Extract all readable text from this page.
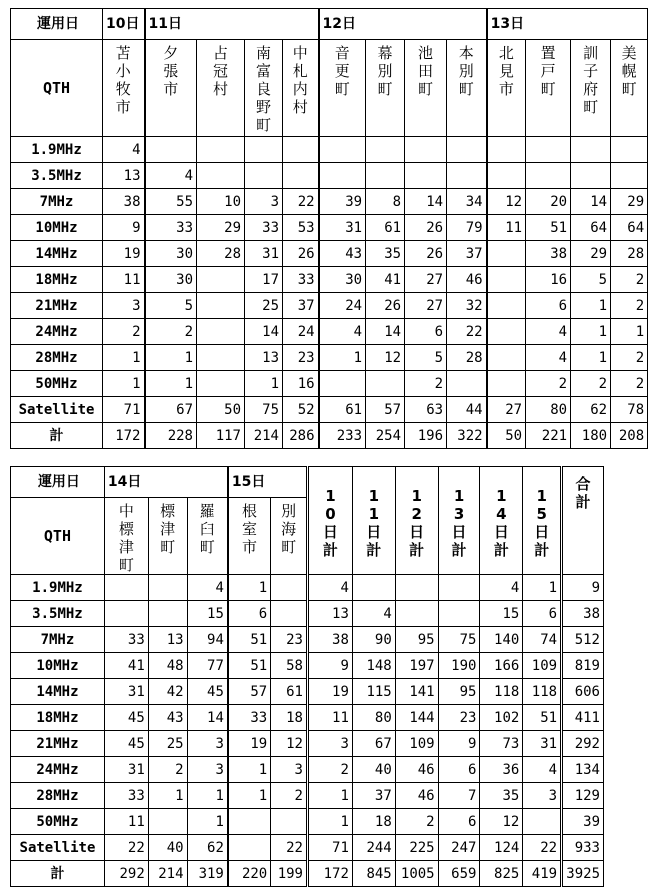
運用日	10日	11日				12日				13日			
QTH	苫小牧市	夕張市	占冠村	南富良野町	中札内村	音更町	幕別町	池田町	本別町	北見市	置戸町	訓子府町	美幌町
1.9MHz	4												
3.5MHz	13	4											
7MHz	38	55	10	3	22	39	8	14	34	12	20	14	29
10MHz	9	33	29	33	53	31	61	26	79	11	51	64	64
14MHz	19	30	28	31	26	43	35	26	37		38	29	28
18MHz	11	30		17	33	30	41	27	46		16	5	2
21MHz	3	5		25	37	24	26	27	32		6	1	2
24MHz	2	2		14	24	4	14	6	22		4	1	1
28MHz	1	1		13	23	1	12	5	28		4	1	2
50MHz	1	1		1	16			2			2	2	2
Satellite	71	67	50	75	52	61	57	63	44	27	80	62	78
計	172	228	117	214	286	233	254	196	322	50	221	180	208
運用日	14日			15日		10日計	11日計	12日計	13日計	14日計	15日計	合計
QTH	中標津町	標津町	羅臼町	根室市	別海町							
1.9MHz			4	1		4				4	1	9
3.5MHz			15	6		13	4			15	6	38
7MHz	33	13	94	51	23	38	90	95	75	140	74	512
10MHz	41	48	77	51	58	9	148	197	190	166	109	819
14MHz	31	42	45	57	61	19	115	141	95	118	118	606
18MHz	45	43	14	33	18	11	80	144	23	102	51	411
21MHz	45	25	3	19	12	3	67	109	9	73	31	292
24MHz	31	2	3	1	3	2	40	46	6	36	4	134
28MHz	33	1	1	1	2	1	37	46	7	35	3	129
50MHz	11		1			1	18	2	6	12		39
Satellite	22	40	62		22	71	244	225	247	124	22	933
計	292	214	319	220	199	172	845	1005	659	825	419	3925
